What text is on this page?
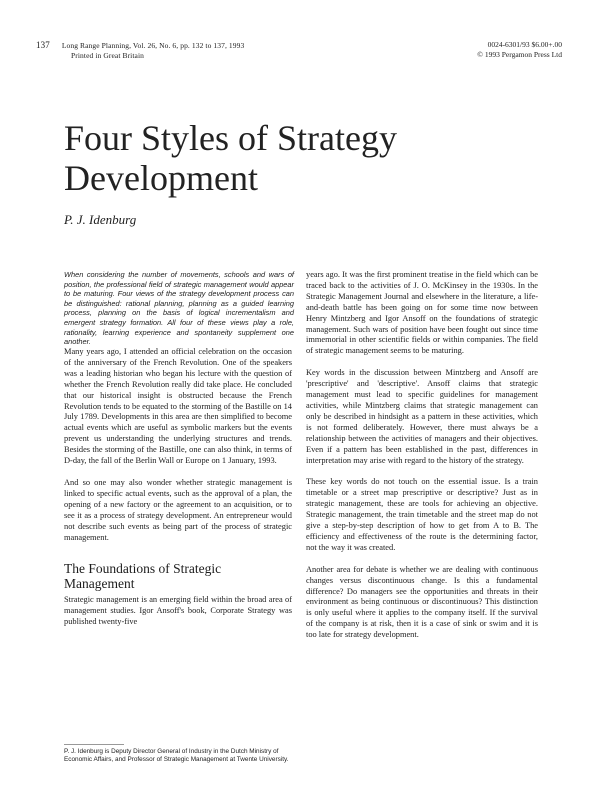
137 Long Range Planning, Vol. 26, No. 6, pp. 132 to 137, 1993
Printed in Great Britain
0024-6301/93 $6.00+.00
© 1993 Pergamon Press Ltd
Four Styles of Strategy Development
P. J. Idenburg

When considering the number of movements, schools and wars of position, the professional field of strategic management would appear to be maturing. Four views of the strategy development process can be distinguished: rational planning, planning as a guided learning process, planning on the basis of logical incrementalism and emergent strategy formation. All four of these views play a role, rationality, learning experience and spontaneity supplement one another.

Many years ago, I attended an official celebration on the occasion of the anniversary of the French Revolution. One of the speakers was a leading historian who began his lecture with the question of whether the French Revolution really did take place. He concluded that our historical insight is obstructed because the French Revolution tends to be equated to the storming of the Bastille on 14 July 1789. Developments in this area are then simplified to become actual events which are useful as symbolic markers but the events prevent us understanding the underlying structures and trends. Besides the storming of the Bastille, one can also think, in terms of D-day, the fall of the Berlin Wall or Europe on 1 January, 1993.

And so one may also wonder whether strategic management is linked to specific actual events, such as the approval of a plan, the opening of a new factory or the agreement to an acquisition, or to see it as a process of strategy development. An entrepreneur would not describe such events as being part of the process of strategic management.

The Foundations of Strategic Management

Strategic management is an emerging field within the broad area of management studies. Igor Ansoff's book, Corporate Strategy was published twenty-five

years ago. It was the first prominent treatise in the field which can be traced back to the activities of J. O. McKinsey in the 1930s. In the Strategic Management Journal and elsewhere in the literature, a life-and-death battle has been going on for some time now between Henry Mintzberg and Igor Ansoff on the foundations of strategic management. Such wars of position have been fought out since time immemorial in other scientific fields or within companies. The field of strategic management seems to be maturing.

Key words in the discussion between Mintzberg and Ansoff are 'prescriptive' and 'descriptive'. Ansoff claims that strategic management must lead to specific guidelines for management activities, while Mintzberg claims that strategic management can only be described in hindsight as a pattern in these activities, which is not formed deliberately. However, there must always be a relationship between the activities of managers and their objectives. Even if a pattern has been established in the past, differences in interpretation may arise with regard to the history of the strategy.

These key words do not touch on the essential issue. Is a train timetable or a street map prescriptive or descriptive? Just as in strategic management, these are tools for achieving an objective. Strategic management, the train timetable and the street map do not give a step-by-step description of how to get from A to B. The efficiency and effectiveness of the route is the determining factor, not the way it was created.

Another area for debate is whether we are dealing with continuous changes versus discontinuous change. Is this a fundamental difference? Do managers see the opportunities and threats in their environment as being continuous or discontinuous? This distinction is only useful where it applies to the company itself. If the survival of the company is at risk, then it is a case of sink or swim and it is too late for strategy development.

P. J. Idenburg is Deputy Director General of Industry in the Dutch Ministry of Economic Affairs, and Professor of Strategic Management at Twente University.
